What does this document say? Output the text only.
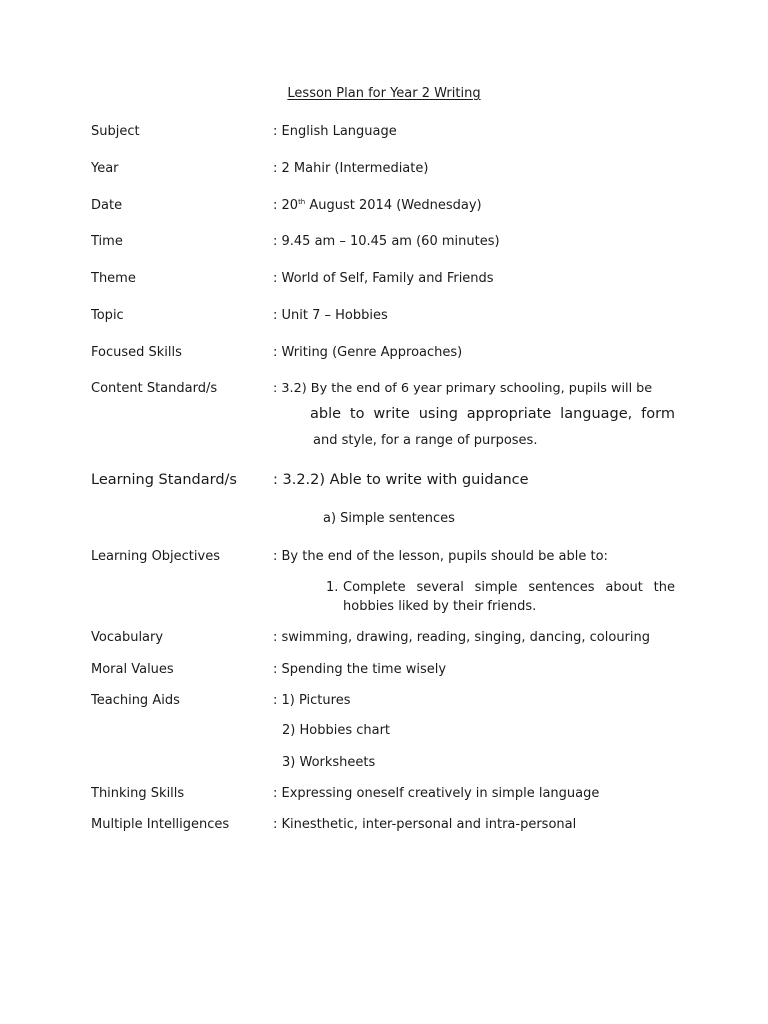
Lesson Plan for Year 2 Writing
Subject	: English Language
Year	: 2 Mahir (Intermediate)
Date	: 20th August 2014 (Wednesday)
Time	: 9.45 am – 10.45 am (60 minutes)
Theme	: World of Self, Family and Friends
Topic	: Unit 7 – Hobbies
Focused Skills	: Writing (Genre Approaches)
Content Standard/s	: 3.2) By the end of 6 year primary schooling, pupils will be
able to write using appropriate language, form
and style, for a range of purposes.
Learning Standard/s : 3.2.2) Able to write with guidance
a) Simple sentences
Learning Objectives	: By the end of the lesson, pupils should be able to:
1. Complete several simple sentences about the
hobbies liked by their friends.
Vocabulary	: swimming, drawing, reading, singing, dancing, colouring
Moral Values	: Spending the time wisely
Teaching Aids	: 1) Pictures
2) Hobbies chart
3) Worksheets
Thinking Skills	: Expressing oneself creatively in simple language
Multiple Intelligences	: Kinesthetic, inter-personal and intra-personal
